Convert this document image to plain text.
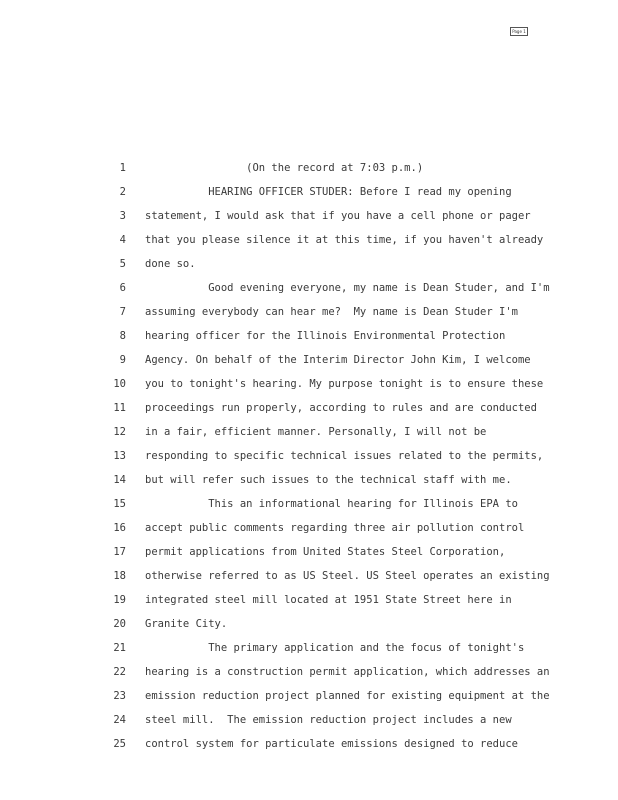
Page 1
1 (On the record at 7:03 p.m.)
2 HEARING OFFICER STUDER: Before I read my opening
3 statement, I would ask that if you have a cell phone or pager
4 that you please silence it at this time, if you haven't already
5 done so.
6 Good evening everyone, my name is Dean Studer, and I'm
7 assuming everybody can hear me?  My name is Dean Studer I'm
8 hearing officer for the Illinois Environmental Protection
9 Agency. On behalf of the Interim Director John Kim, I welcome
10 you to tonight's hearing. My purpose tonight is to ensure these
11 proceedings run properly, according to rules and are conducted
12 in a fair, efficient manner. Personally, I will not be
13 responding to specific technical issues related to the permits,
14 but will refer such issues to the technical staff with me.
15 This an informational hearing for Illinois EPA to
16 accept public comments regarding three air pollution control
17 permit applications from United States Steel Corporation,
18 otherwise referred to as US Steel. US Steel operates an existing
19 integrated steel mill located at 1951 State Street here in
20 Granite City.
21 The primary application and the focus of tonight's
22 hearing is a construction permit application, which addresses an
23 emission reduction project planned for existing equipment at the
24 steel mill.  The emission reduction project includes a new
25 control system for particulate emissions designed to reduce
